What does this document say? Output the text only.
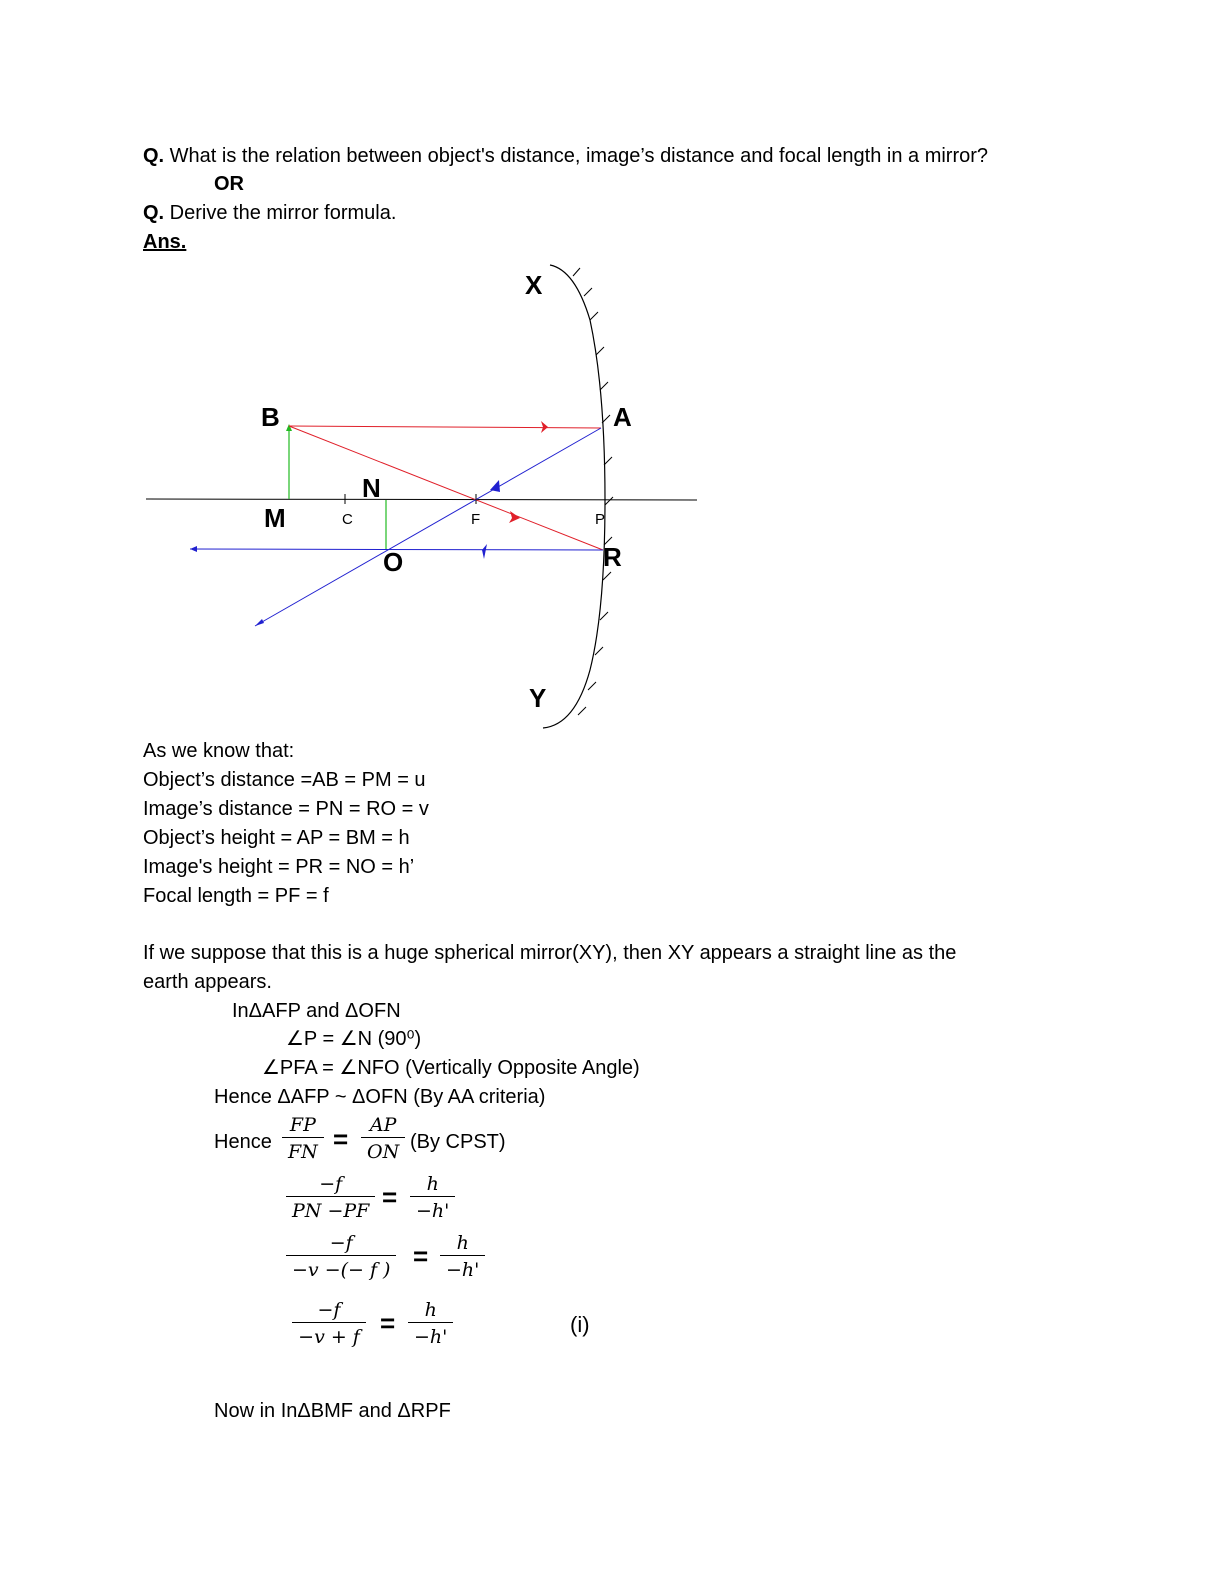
Q. What is the relation between object's distance, image’s distance and focal length in a mirror?
OR
Q. Derive the mirror formula.
Ans.
X
Y
A
B
M
N
O	R
C	F	P
As we know that:
Object’s distance =AB = PM = u
Image’s distance = PN = RO = v
Object’s height = AP = BM = h
Image's height = PR = NO = h’
Focal length = PF = f
If we suppose that this is a huge spherical mirror(XY), then XY appears a straight line as the
earth appears.
InΔAFP and ΔOFN
∠P = ∠N (90⁰)
∠PFA = ∠NFO (Vertically Opposite Angle)
Hence ΔAFP ~ ΔOFN (By AA criteria)
Hence $\frac{FP}{FN} = \frac{AP}{ON} (By$ CPST)
$\frac{-f}{PN -PF} = \frac{h}{-h'}$
$\frac{-f}{-v -(- f )} = \frac{h}{-h'}$
$\frac{-f}{-v + f} = \frac{h}{-h'}$	(i)
Now in InΔBMF and ΔRPF
